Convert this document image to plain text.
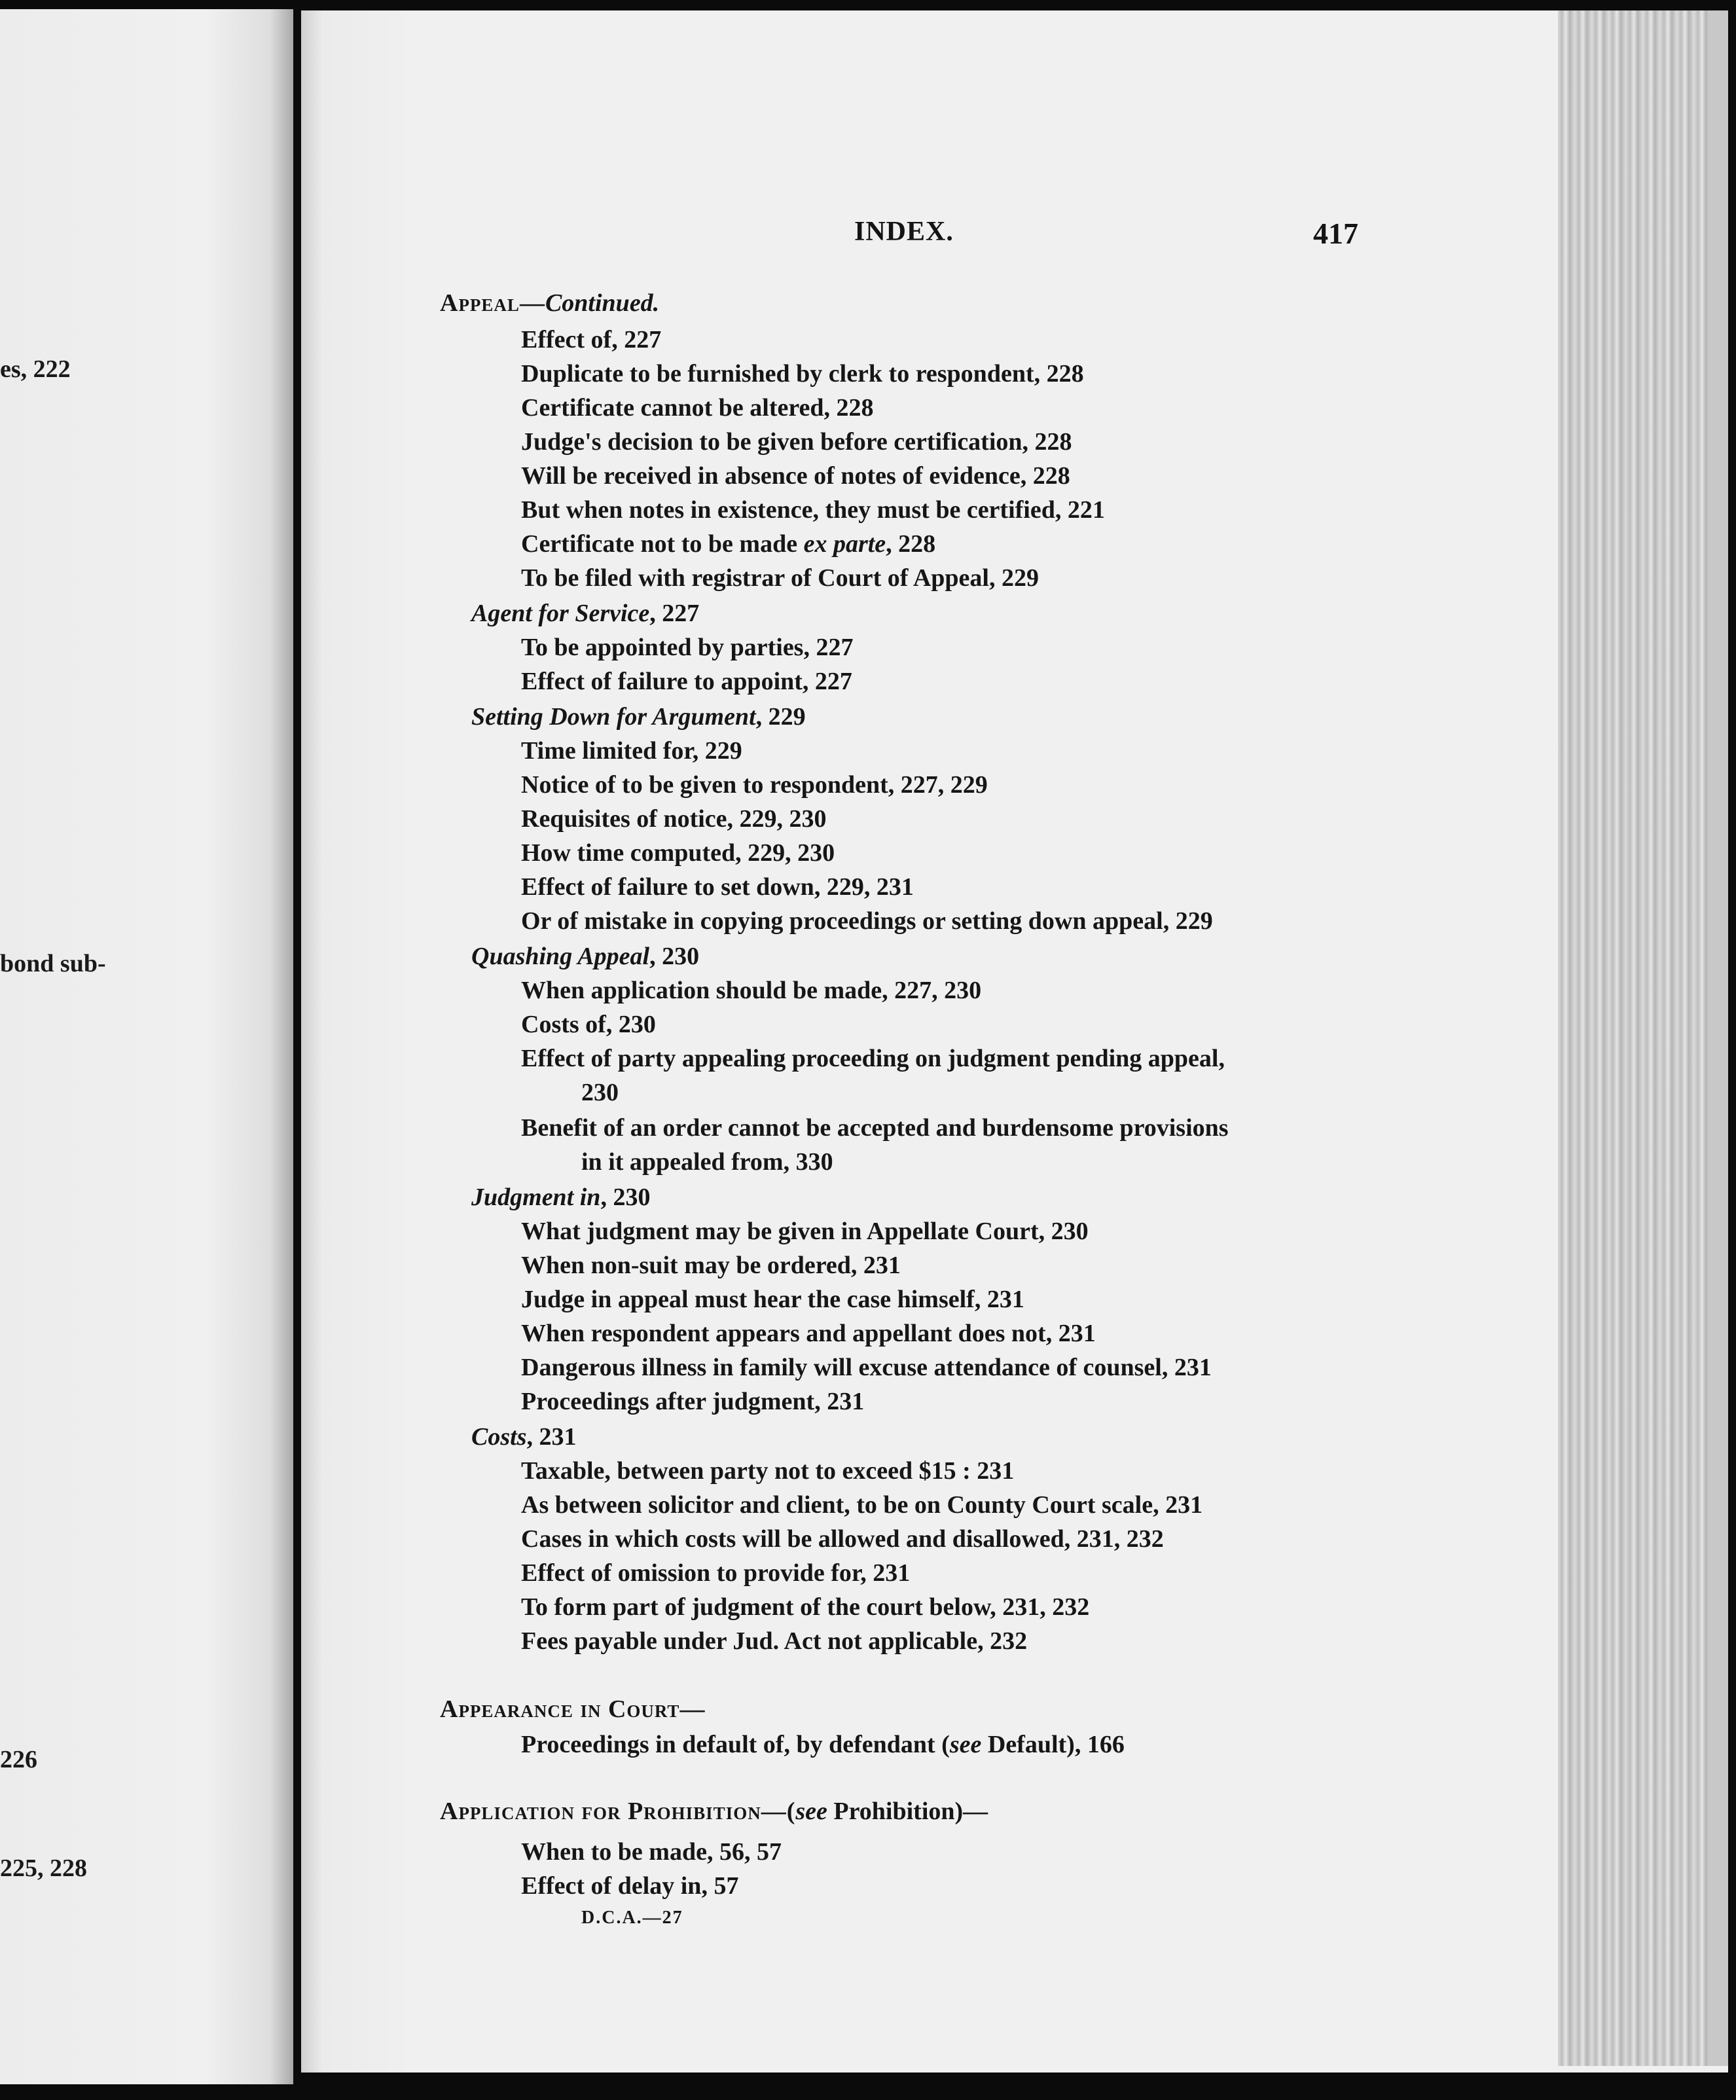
es, 222
bond sub-
226
225, 228
INDEX.	417
Appeal—Continued.
Effect of, 227
Duplicate to be furnished by clerk to respondent, 228
Certificate cannot be altered, 228
Judge's decision to be given before certification, 228
Will be received in absence of notes of evidence, 228
But when notes in existence, they must be certified, 221
Certificate not to be made ex parte, 228
To be filed with registrar of Court of Appeal, 229
Agent for Service, 227
To be appointed by parties, 227
Effect of failure to appoint, 227
Setting Down for Argument, 229
Time limited for, 229
Notice of to be given to respondent, 227, 229
Requisites of notice, 229, 230
How time computed, 229, 230
Effect of failure to set down, 229, 231
Or of mistake in copying proceedings or setting down appeal, 229
Quashing Appeal, 230
When application should be made, 227, 230
Costs of, 230
Effect of party appealing proceeding on judgment pending appeal,
230
Benefit of an order cannot be accepted and burdensome provisions
in it appealed from, 330
Judgment in, 230
What judgment may be given in Appellate Court, 230
When non-suit may be ordered, 231
Judge in appeal must hear the case himself, 231
When respondent appears and appellant does not, 231
Dangerous illness in family will excuse attendance of counsel, 231
Proceedings after judgment, 231
Costs, 231
Taxable, between party not to exceed $15 : 231
As between solicitor and client, to be on County Court scale, 231
Cases in which costs will be allowed and disallowed, 231, 232
Effect of omission to provide for, 231
To form part of judgment of the court below, 231, 232
Fees payable under Jud. Act not applicable, 232
Appearance in Court—
Proceedings in default of, by defendant (see Default), 166
Application for Prohibition—(see Prohibition)—
When to be made, 56, 57
Effect of delay in, 57
D.C.A.—27
